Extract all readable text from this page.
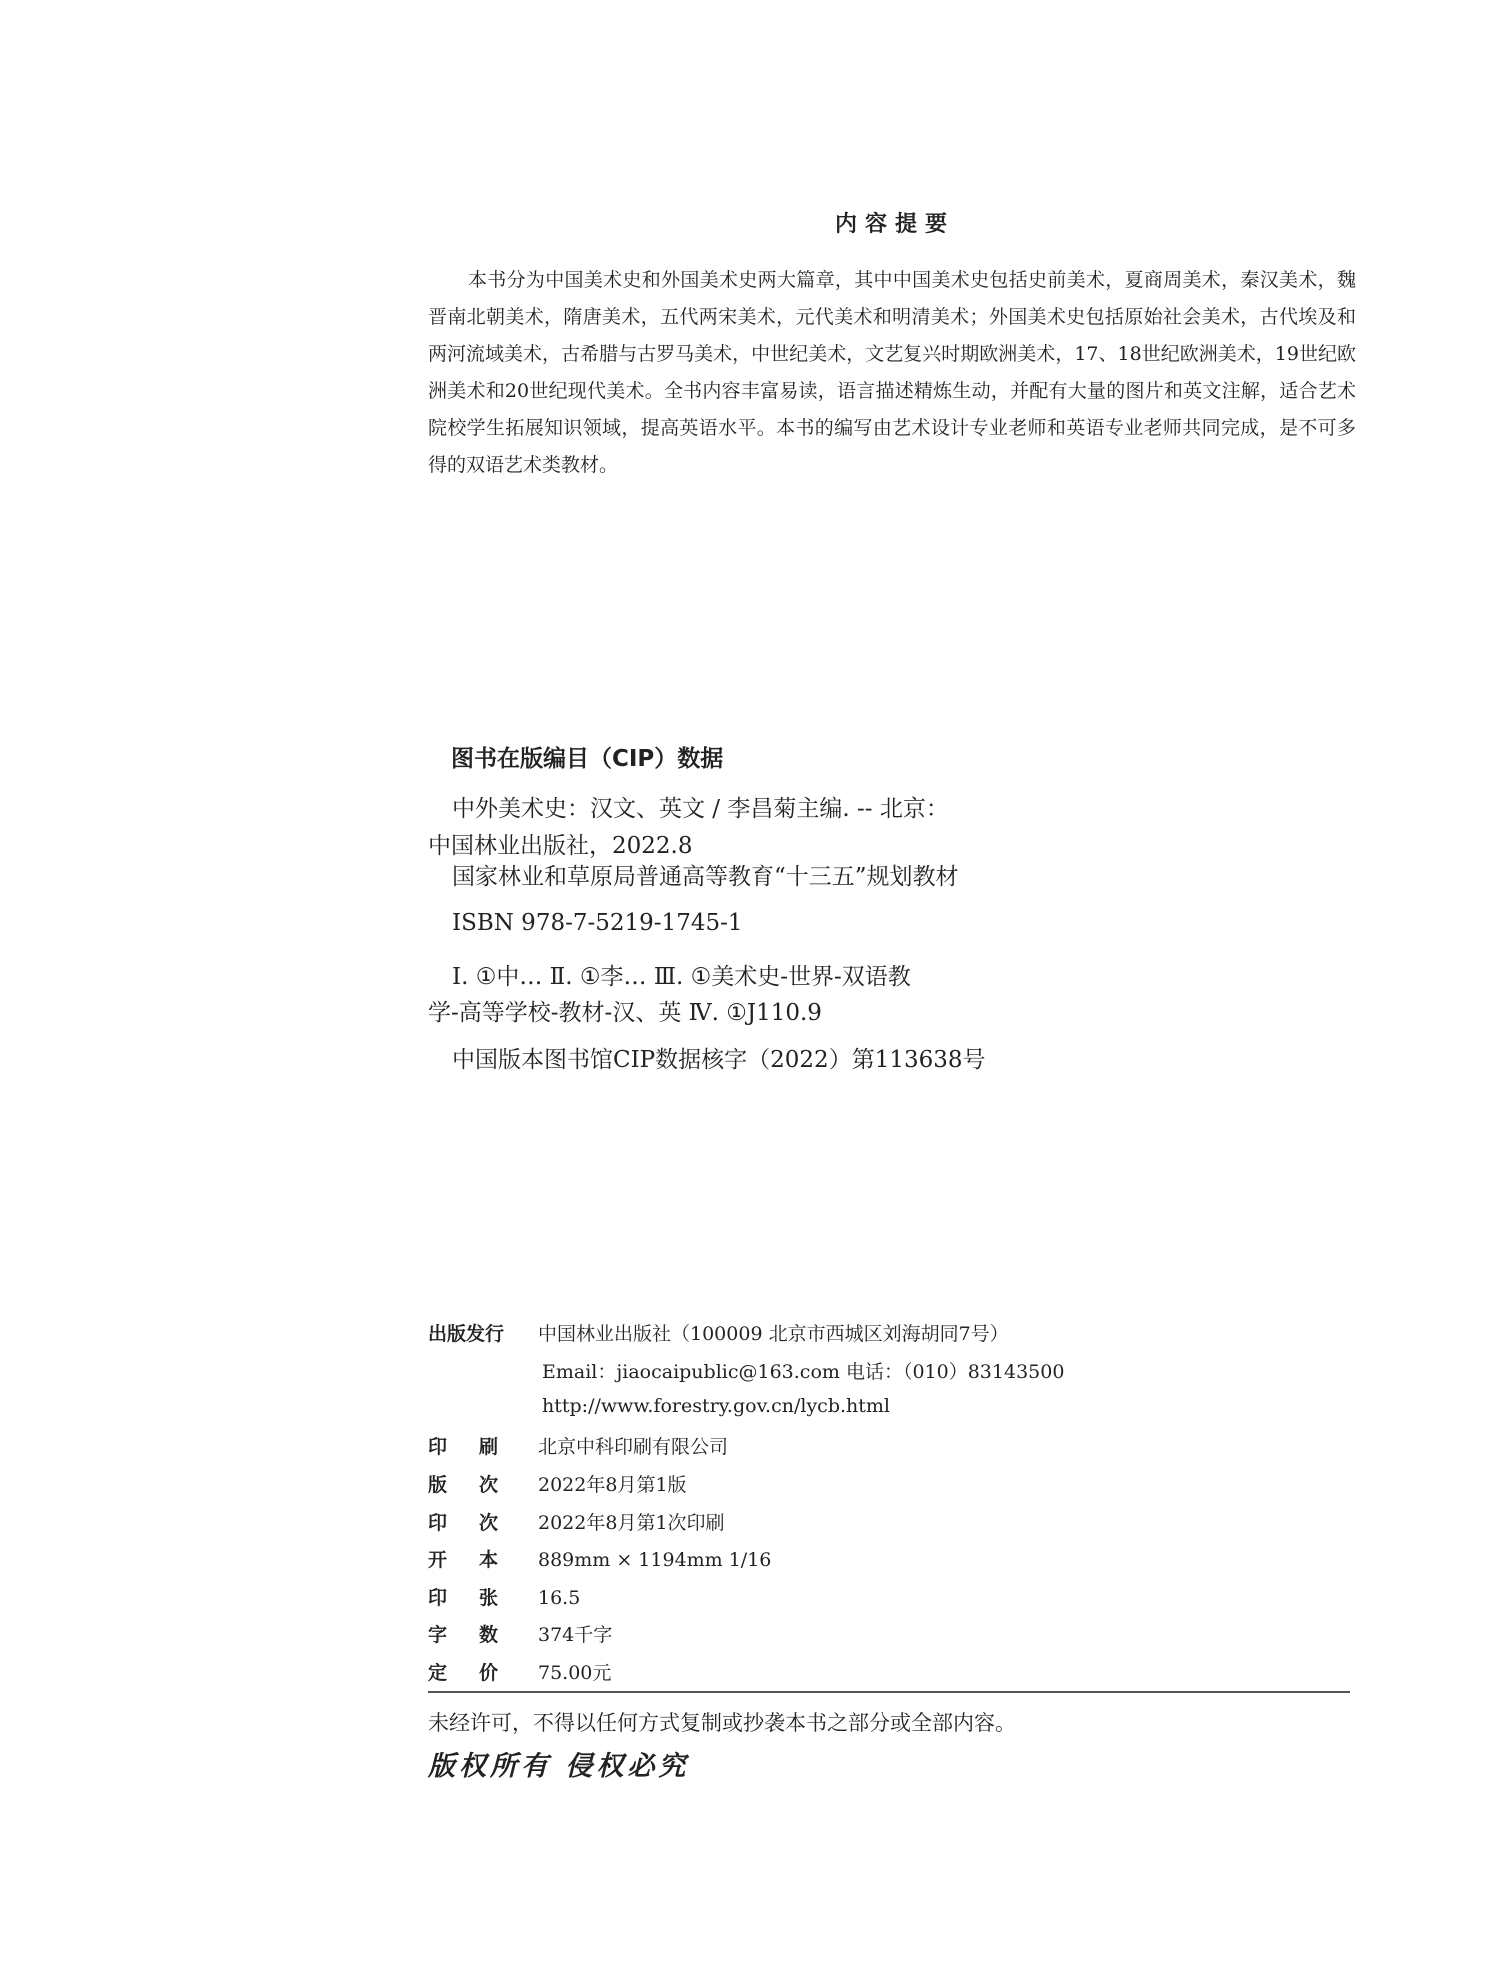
内容提要
本书分为中国美术史和外国美术史两大篇章，其中中国美术史包括史前美术，夏商周美术，秦汉美术，魏晋南北朝美术，隋唐美术，五代两宋美术，元代美术和明清美术；外国美术史包括原始社会美术，古代埃及和两河流域美术，古希腊与古罗马美术，中世纪美术，文艺复兴时期欧洲美术，17、18世纪欧洲美术，19世纪欧洲美术和20世纪现代美术。全书内容丰富易读，语言描述精炼生动，并配有大量的图片和英文注解，适合艺术院校学生拓展知识领域，提高英语水平。本书的编写由艺术设计专业老师和英语专业老师共同完成，是不可多得的双语艺术类教材。
图书在版编目（CIP）数据
中外美术史：汉文、英文 / 李昌菊主编. -- 北京：
中国林业出版社，2022.8
国家林业和草原局普通高等教育“十三五”规划教材
ISBN 978-7-5219-1745-1
Ⅰ. ①中… Ⅱ. ①李… Ⅲ. ①美术史-世界-双语教
学-高等学校-教材-汉、英 Ⅳ. ①J110.9
中国版本图书馆CIP数据核字（2022）第113638号
出版发行 中国林业出版社（100009 北京市西城区刘海胡同7号）
Email：jiaocaipublic@163.com 电话：（010）83143500
http://www.forestry.gov.cn/lycb.html
印刷 北京中科印刷有限公司
版次 2022年8月第1版
印次 2022年8月第1次印刷
开本 889mm × 1194mm 1/16
印张 16.5
字数 374千字
定价 75.00元
未经许可，不得以任何方式复制或抄袭本书之部分或全部内容。
版权所有 侵权必究
